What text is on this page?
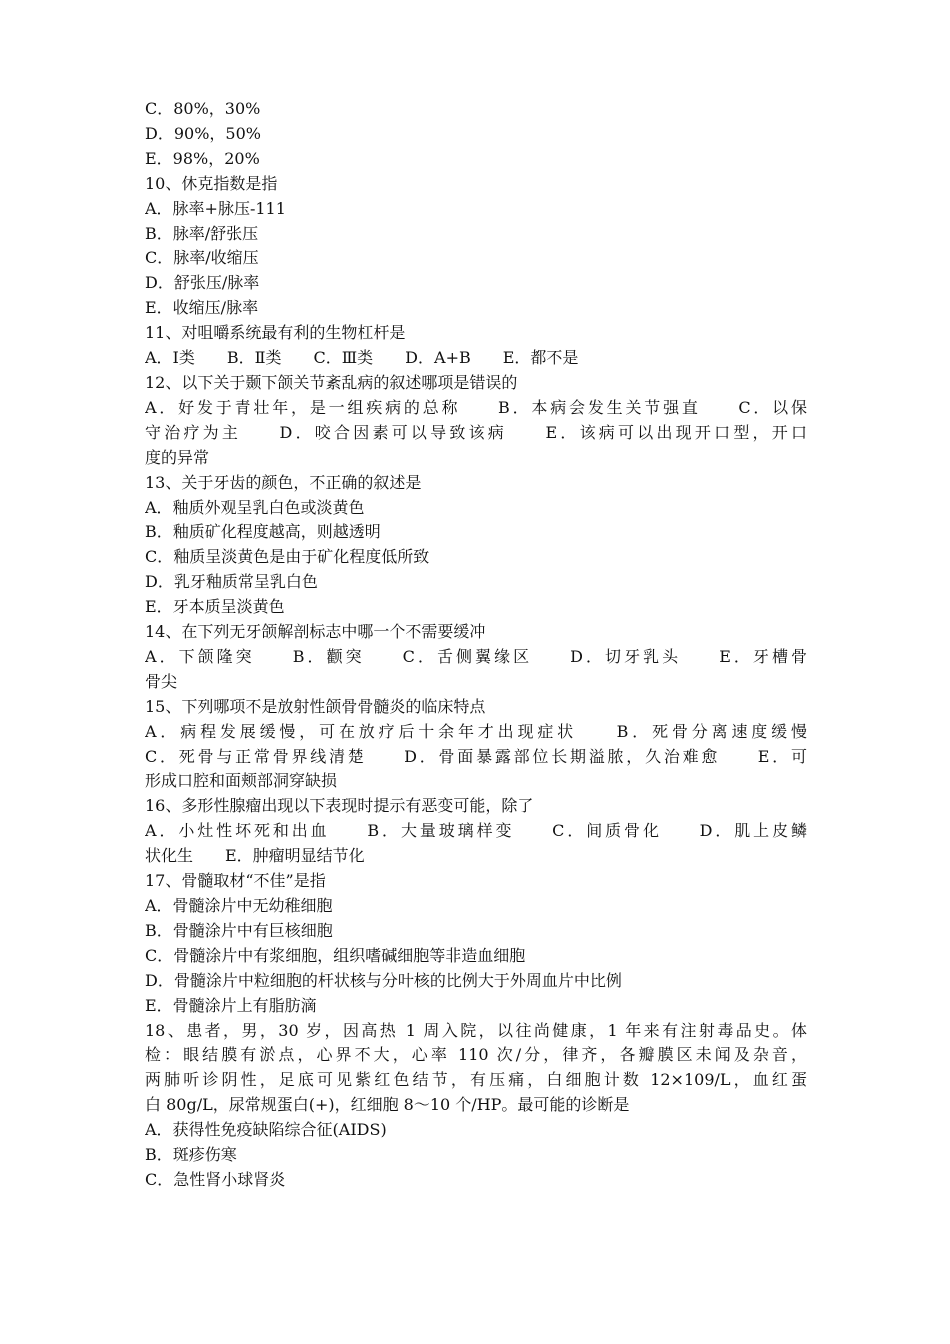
C．80%，30%

D．90%，50%

E．98%，20%

10、休克指数是指

A．脉率+脉压-111

B．脉率/舒张压

C．脉率/收缩压

D．舒张压/脉率

E．收缩压/脉率

11、对咀嚼系统最有利的生物杠杆是

A．Ⅰ类　　B．Ⅱ类　　C．Ⅲ类　　D．A+B　　E．都不是

12、以下关于颞下颌关节紊乱病的叙述哪项是错误的

A．好发于青壮年，是一组疾病的总称　　B．本病会发生关节强直　　C．以保

守治疗为主　　D．咬合因素可以导致该病　　E．该病可以出现开口型，开口

度的异常

13、关于牙齿的颜色，不正确的叙述是

A．釉质外观呈乳白色或淡黄色

B．釉质矿化程度越高，则越透明

C．釉质呈淡黄色是由于矿化程度低所致

D．乳牙釉质常呈乳白色

E．牙本质呈淡黄色

14、在下列无牙颌解剖标志中哪一个不需要缓冲

A．下颌隆突　　B．颧突　　C．舌侧翼缘区　　D．切牙乳头　　E．牙槽骨

骨尖

15、下列哪项不是放射性颌骨骨髓炎的临床特点

A．病程发展缓慢，可在放疗后十余年才出现症状　　B．死骨分离速度缓慢

C．死骨与正常骨界线清楚　　D．骨面暴露部位长期溢脓，久治难愈　　E．可

形成口腔和面颊部洞穿缺损

16、多形性腺瘤出现以下表现时提示有恶变可能，除了

A．小灶性坏死和出血　　B．大量玻璃样变　　C．间质骨化　　D．肌上皮鳞

状化生　　E．肿瘤明显结节化

17、骨髓取材“不佳”是指

A．骨髓涂片中无幼稚细胞

B．骨髓涂片中有巨核细胞

C．骨髓涂片中有浆细胞，组织嗜碱细胞等非造血细胞

D．骨髓涂片中粒细胞的杆状核与分叶核的比例大于外周血片中比例

E．骨髓涂片上有脂肪滴

18、患者，男，30 岁，因高热 1 周入院，以往尚健康，1 年来有注射毒品史。体

检：眼结膜有淤点，心界不大，心率 110 次/分，律齐，各瓣膜区未闻及杂音，

两肺听诊阴性，足底可见紫红色结节，有压痛，白细胞计数 12×109/L，血红蛋

白 80g/L，尿常规蛋白(+)，红细胞 8～10 个/HP。最可能的诊断是

A．获得性免疫缺陷综合征(AIDS)

B．斑疹伤寒

C．急性肾小球肾炎
